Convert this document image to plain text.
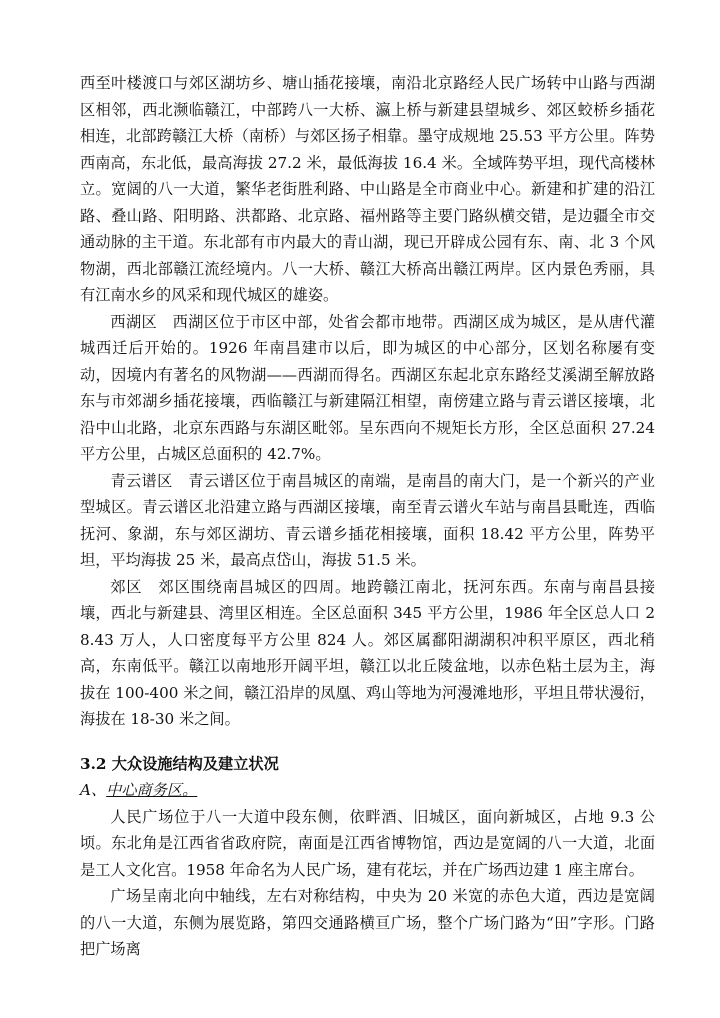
西至叶楼渡口与郊区湖坊乡、塘山插花接壤，南沿北京路经人民广场转中山路与西湖区相邻，西北濒临赣江，中部跨八一大桥、瀛上桥与新建县望城乡、郊区蛟桥乡插花相连，北部跨赣江大桥（南桥）与郊区扬子相靠。墨守成规地 25.53 平方公里。阵势西南高，东北低，最高海拔 27.2 米，最低海拔 16.4 米。全域阵势平坦，现代高楼林立。宽阔的八一大道，繁华老街胜利路、中山路是全市商业中心。新建和扩建的沿江路、叠山路、阳明路、洪都路、北京路、福州路等主要门路纵横交错，是边疆全市交通动脉的主干道。东北部有市内最大的青山湖，现已开辟成公园有东、南、北 3 个风物湖，西北部赣江流经境内。八一大桥、赣江大桥高出赣江两岸。区内景色秀丽，具有江南水乡的风采和现代城区的雄姿。

西湖区 西湖区位于市区中部，处省会都市地带。西湖区成为城区，是从唐代灌城西迁后开始的。1926 年南昌建市以后，即为城区的中心部分，区划名称屡有变动，因境内有著名的风物湖——西湖而得名。西湖区东起北京东路经艾溪湖至解放路东与市郊湖乡插花接壤，西临赣江与新建隔江相望，南傍建立路与青云谱区接壤，北沿中山北路，北京东西路与东湖区毗邻。呈东西向不规矩长方形，全区总面积 27.24 平方公里，占城区总面积的 42.7%。

青云谱区 青云谱区位于南昌城区的南端，是南昌的南大门，是一个新兴的产业型城区。青云谱区北沿建立路与西湖区接壤，南至青云谱火车站与南昌县毗连，西临抚河、象湖，东与郊区湖坊、青云谱乡插花相接壤，面积 18.42 平方公里，阵势平坦，平均海拔 25 米，最高点岱山，海拔 51.5 米。

郊区 郊区围绕南昌城区的四周。地跨赣江南北，抚河东西。东南与南昌县接壤，西北与新建县、湾里区相连。全区总面积 345 平方公里，1986 年全区总人口 28.43 万人，人口密度每平方公里 824 人。郊区属鄱阳湖湖积冲积平原区，西北稍高，东南低平。赣江以南地形开阔平坦，赣江以北丘陵盆地，以赤色粘土层为主，海拔在 100-400 米之间，赣江沿岸的凤凰、鸡山等地为河漫滩地形，平坦且带状漫衍，海拔在 18-30 米之间。

3.2 大众设施结构及建立状况

A、中心商务区。

人民广场位于八一大道中段东侧，依畔酒、旧城区，面向新城区，占地 9.3 公顷。东北角是江西省省政府院，南面是江西省博物馆，西边是宽阔的八一大道，北面是工人文化宫。1958 年命名为人民广场，建有花坛，并在广场西边建 1 座主席台。

广场呈南北向中轴线，左右对称结构，中央为 20 米宽的赤色大道，西边是宽阔的八一大道，东侧为展览路，第四交通路横亘广场，整个广场门路为“田”字形。门路把广场离
